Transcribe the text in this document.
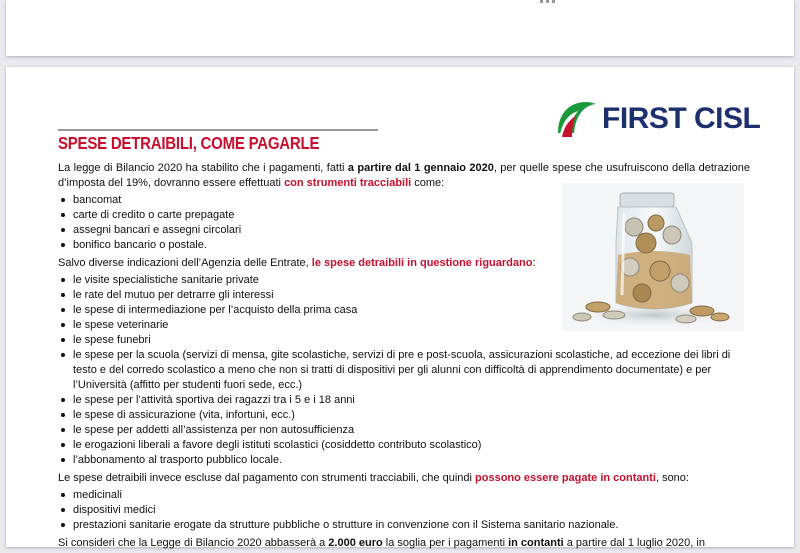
FIRST CISL
SPESE DETRAIBILI, COME PAGARLE

La legge di Bilancio 2020 ha stabilito che i pagamenti, fatti a partire dal 1 gennaio 2020, per quelle spese che usufruiscono della detrazione d’imposta del 19%, dovranno essere effettuati con strumenti tracciabili come:

bancomat
carte di credito o carte prepagate
assegni bancari e assegni circolari
bonifico bancario o postale.

Salvo diverse indicazioni dell’Agenzia delle Entrate, le spese detraibili in questione riguardano:

le visite specialistiche sanitarie private
le rate del mutuo per detrarre gli interessi
le spese di intermediazione per l’acquisto della prima casa
le spese veterinarie
le spese funebri
le spese per la scuola (servizi di mensa, gite scolastiche, servizi di pre e post-scuola, assicurazioni scolastiche, ad eccezione dei libri di testo e del corredo scolastico a meno che non si tratti di dispositivi per gli alunni con difficoltà di apprendimento documentate) e per l’Università (affitto per studenti fuori sede, ecc.)
le spese per l’attività sportiva dei ragazzi tra i 5 e i 18 anni
le spese di assicurazione (vita, infortuni, ecc.)
le spese per addetti all’assistenza per non autosufficienza
le erogazioni liberali a favore degli istituti scolastici (cosiddetto contributo scolastico)
l’abbonamento al trasporto pubblico locale.

Le spese detraibili invece escluse dal pagamento con strumenti tracciabili, che quindi possono essere pagate in contanti, sono:

medicinali
dispositivi medici
prestazioni sanitarie erogate da strutture pubbliche o strutture in convenzione con il Sistema sanitario nazionale.

Si consideri che la Legge di Bilancio 2020 abbasserà a 2.000 euro la soglia per i pagamenti in contanti a partire dal 1 luglio 2020, in
